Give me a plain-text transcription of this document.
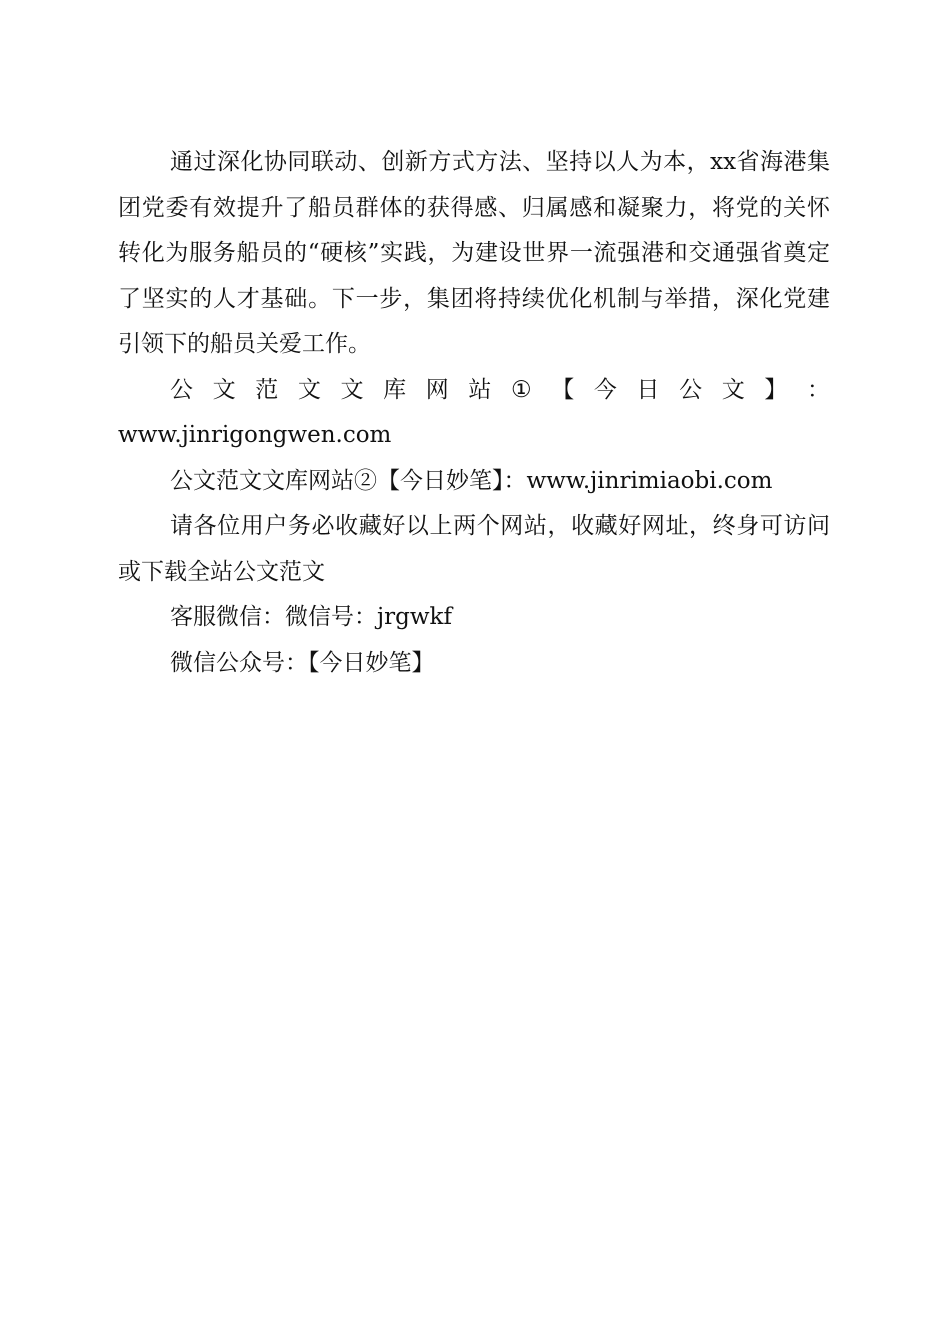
通过深化协同联动、创新方式方法、坚持以人为本，xx省海港集团党委有效提升了船员群体的获得感、归属感和凝聚力，将党的关怀转化为服务船员的“硬核”实践，为建设世界一流强港和交通强省奠定了坚实的人才基础。下一步，集团将持续优化机制与举措，深化党建引领下的船员关爱工作。

公 文 范 文 文 库 网 站 ① 【 今 日 公 文 】 ：

www.jinrigongwen.com

公文范文文库网站②【今日妙笔】：www.jinrimiaobi.com

请各位用户务必收藏好以上两个网站，收藏好网址，终身可访问或下载全站公文范文

客服微信：微信号：jrgwkf

微信公众号：【今日妙笔】
